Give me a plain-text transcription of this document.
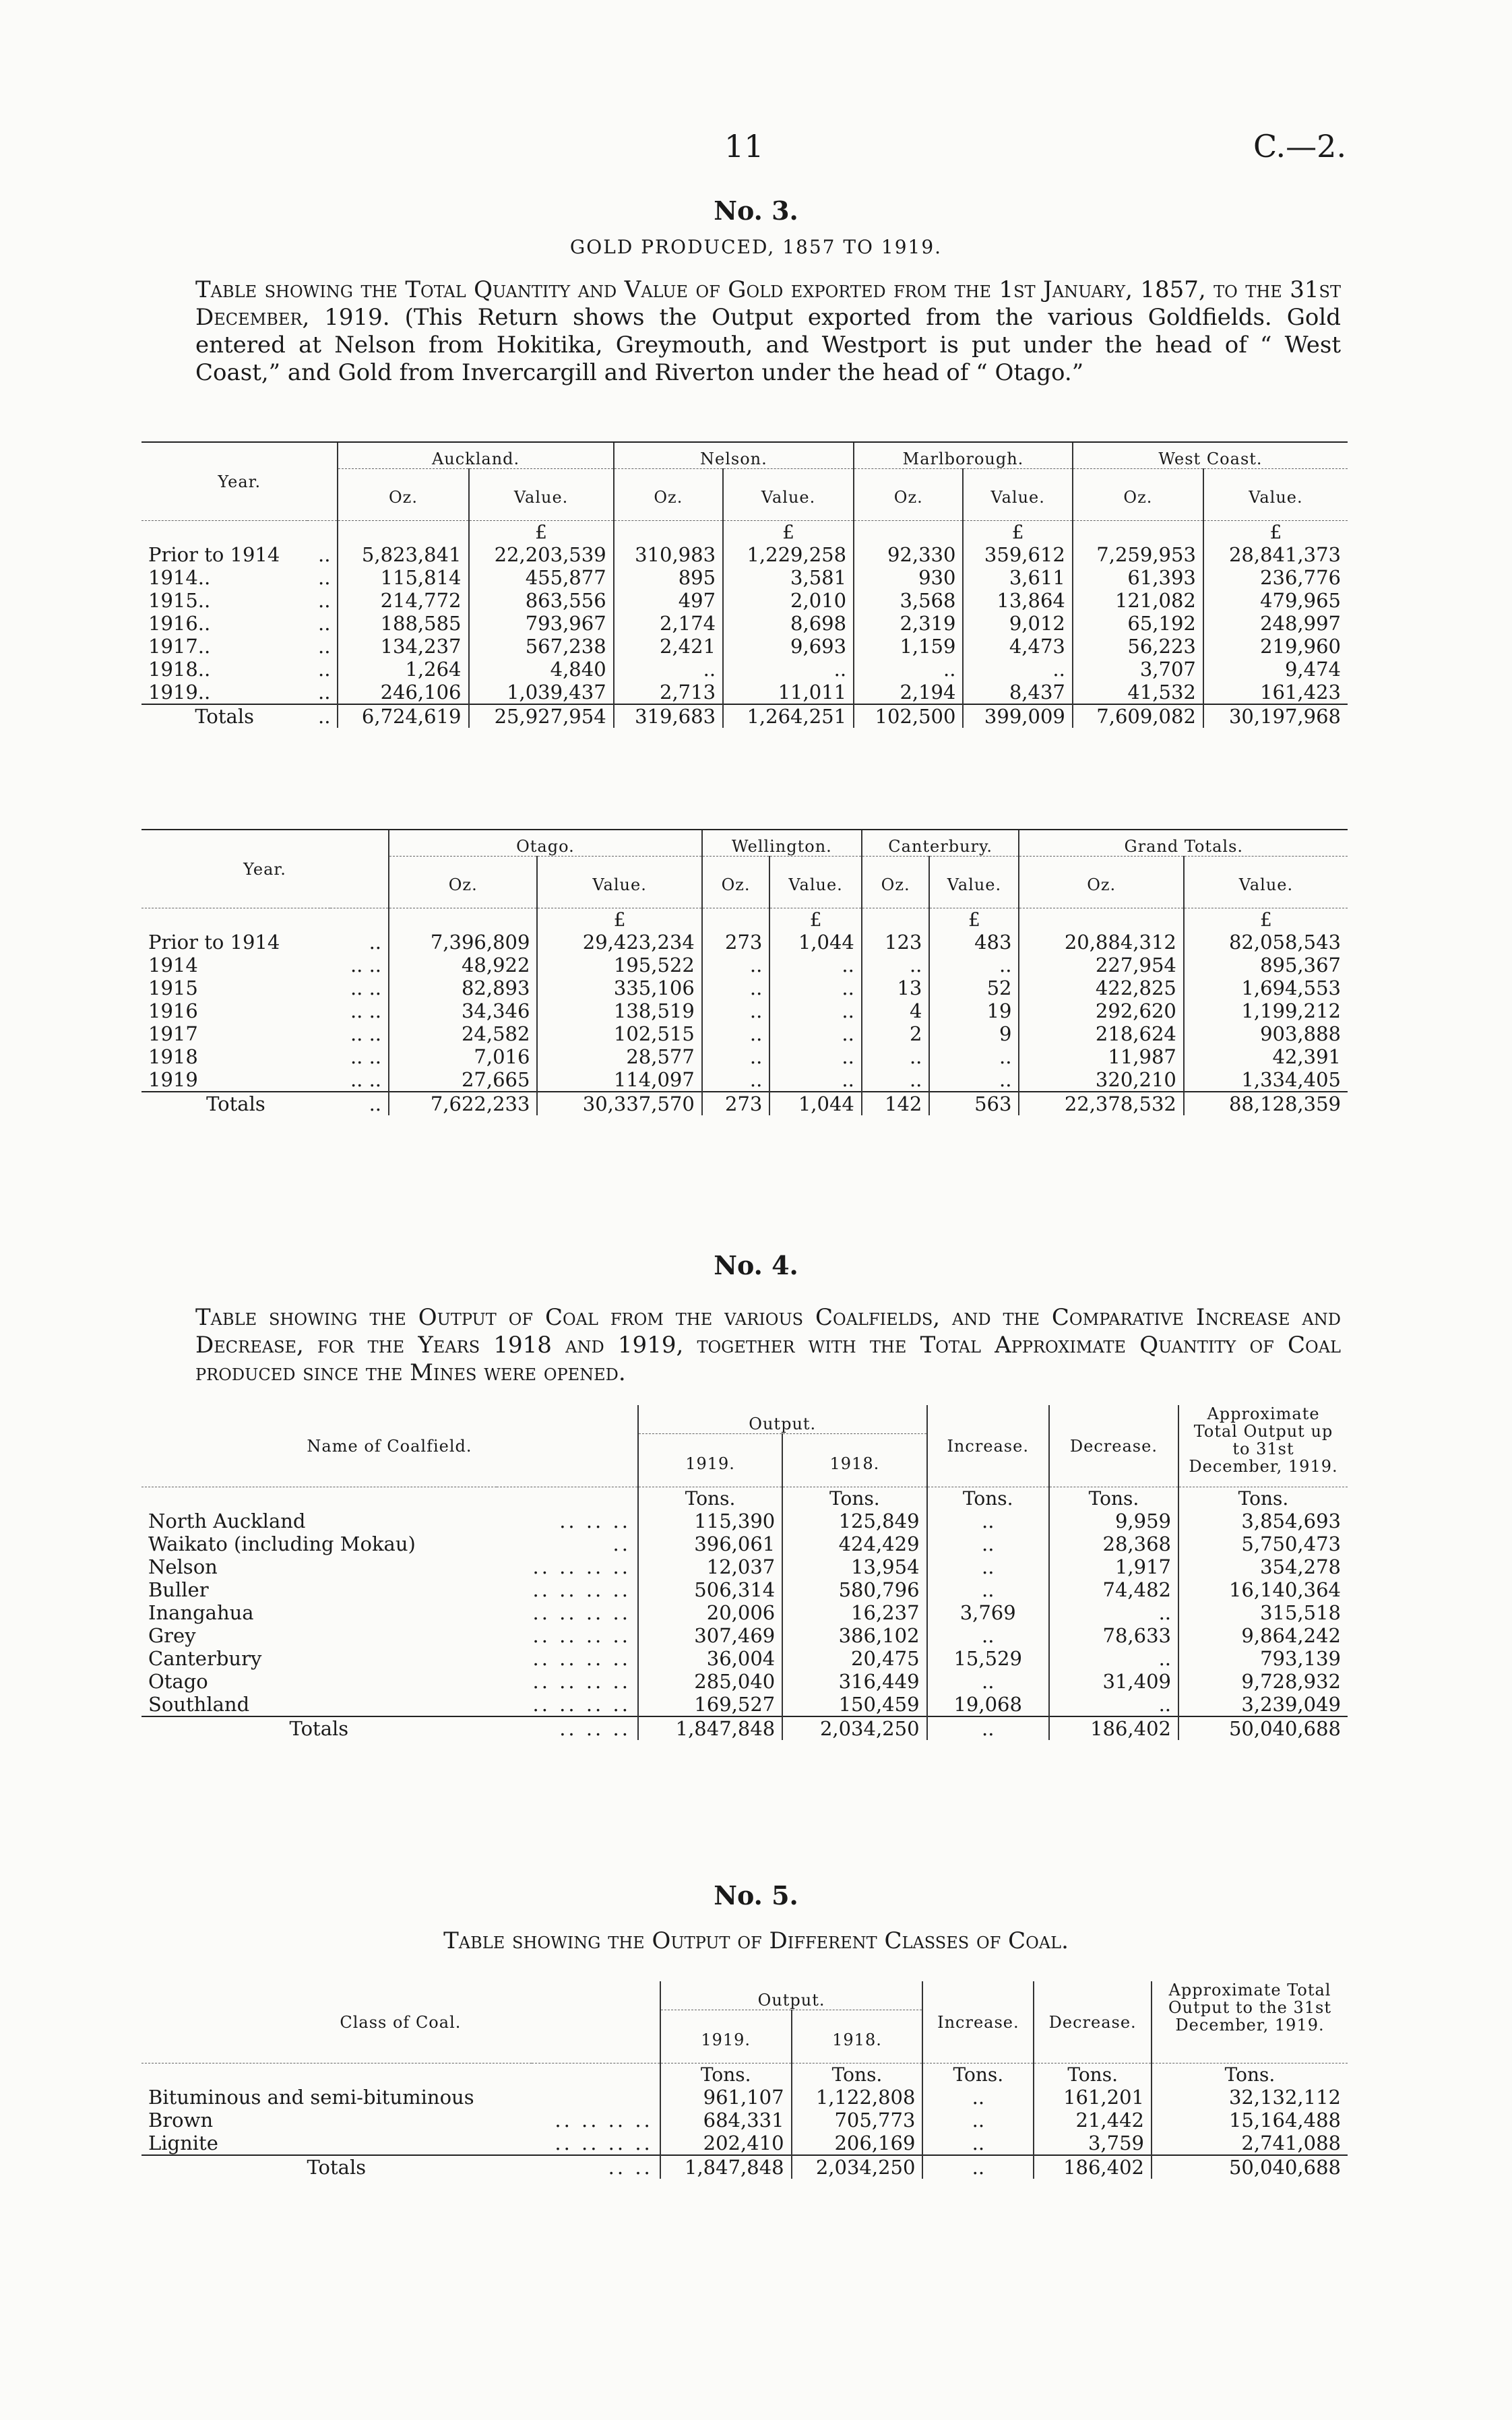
11	C.—2.
No. 3.
GOLD PRODUCED, 1857 TO 1919.
Table showing the Total Quantity and Value of Gold exported from the 1st January, 1857, to the 31st December, 1919. (This Return shows the Output exported from the various Goldfields. Gold entered at Nelson from Hokitika, Greymouth, and Westport is put under the head of “ West Coast,” and Gold from Invercargill and Riverton under the head of “ Otago.”
Year.		Auckland.		Nelson.		Marlborough.		West Coast.	
		Oz.	Value.	Oz.	Value.	Oz.	Value.	Oz.	Value.
			£		£		£		£
Prior to 1914	..	5,823,841	22,203,539	310,983	1,229,258	92,330	359,612	7,259,953	28,841,373
1914..	..	115,814	455,877	895	3,581	930	3,611	61,393	236,776
1915..	..	214,772	863,556	497	2,010	3,568	13,864	121,082	479,965
1916..	..	188,585	793,967	2,174	8,698	2,319	9,012	65,192	248,997
1917..	..	134,237	567,238	2,421	9,693	1,159	4,473	56,223	219,960
1918..	..	1,264	4,840	..	..	..	..	3,707	9,474
1919..	..	246,106	1,039,437	2,713	11,011	2,194	8,437	41,532	161,423
Totals	..	6,724,619	25,927,954	319,683	1,264,251	102,500	399,009	7,609,082	30,197,968
Year.		Otago.		Wellington.		Canterbury.		Grand Totals.	
		Oz.	Value.	Oz.	Value.	Oz.	Value.	Oz.	Value.
			£		£		£		£
Prior to 1914	..	7,396,809	29,423,234	273	1,044	123	483	20,884,312	82,058,543
1914	.. ..	48,922	195,522	..	..	..	..	227,954	895,367
1915	.. ..	82,893	335,106	..	..	13	52	422,825	1,694,553
1916	.. ..	34,346	138,519	..	..	4	19	292,620	1,199,212
1917	.. ..	24,582	102,515	..	..	2	9	218,624	903,888
1918	.. ..	7,016	28,577	..	..	..	..	11,987	42,391
1919	.. ..	27,665	114,097	..	..	..	..	320,210	1,334,405
Totals	..	7,622,233	30,337,570	273	1,044	142	563	22,378,532	88,128,359
No. 4.
Table showing the Output of Coal from the various Coalfields, and the Comparative Increase and Decrease, for the Years 1918 and 1919, together with the Total Approximate Quantity of Coal produced since the Mines were opened.
Name of Coalfield.		Output.		Increase.	Decrease.	Approximate Total Output up to 31st December, 1919.
		1919.	1918.			
		Tons.	Tons.	Tons.	Tons.	Tons.
North Auckland	.. .. ..	115,390	125,849	..	9,959	3,854,693
Waikato (including Mokau)	..	396,061	424,429	..	28,368	5,750,473
Nelson	.. .. .. ..	12,037	13,954	..	1,917	354,278
Buller	.. .. .. ..	506,314	580,796	..	74,482	16,140,364
Inangahua	.. .. .. ..	20,006	16,237	3,769	..	315,518
Grey	.. .. .. ..	307,469	386,102	..	78,633	9,864,242
Canterbury	.. .. .. ..	36,004	20,475	15,529	..	793,139
Otago	.. .. .. ..	285,040	316,449	..	31,409	9,728,932
Southland	.. .. .. ..	169,527	150,459	19,068	..	3,239,049
Totals	.. .. ..	1,847,848	2,034,250	..	186,402	50,040,688
No. 5.
Table showing the Output of Different Classes of Coal.
Class of Coal.		Output.		Increase.	Decrease.	Approximate Total Output to the 31st December, 1919.
		1919.	1918.			
		Tons.	Tons.	Tons.	Tons.	Tons.
Bituminous and semi-bituminous		961,107	1,122,808	..	161,201	32,132,112
Brown	.. .. .. ..	684,331	705,773	..	21,442	15,164,488
Lignite	.. .. .. ..	202,410	206,169	..	3,759	2,741,088
Totals	.. ..	1,847,848	2,034,250	..	186,402	50,040,688
